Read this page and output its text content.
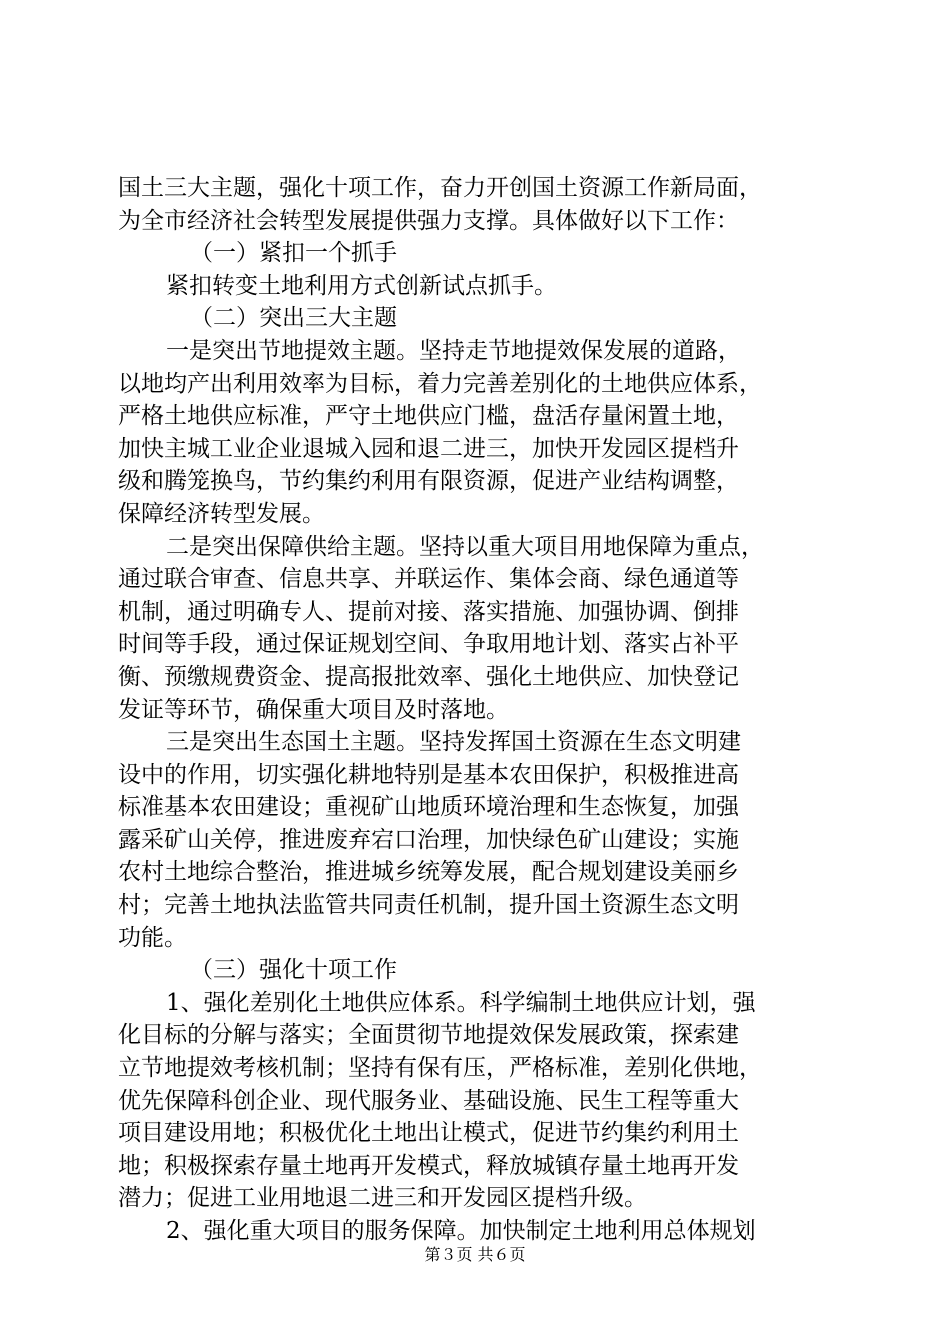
国土三大主题，强化十项工作，奋力开创国土资源工作新局面，
为全市经济社会转型发展提供强力支撑。具体做好以下工作：
（一）紧扣一个抓手
紧扣转变土地利用方式创新试点抓手。
（二）突出三大主题
一是突出节地提效主题。坚持走节地提效保发展的道路，
以地均产出利用效率为目标，着力完善差别化的土地供应体系，
严格土地供应标准，严守土地供应门槛，盘活存量闲置土地，
加快主城工业企业退城入园和退二进三，加快开发园区提档升
级和腾笼换鸟，节约集约利用有限资源，促进产业结构调整，
保障经济转型发展。
二是突出保障供给主题。坚持以重大项目用地保障为重点，
通过联合审查、信息共享、并联运作、集体会商、绿色通道等
机制，通过明确专人、提前对接、落实措施、加强协调、倒排
时间等手段，通过保证规划空间、争取用地计划、落实占补平
衡、预缴规费资金、提高报批效率、强化土地供应、加快登记
发证等环节，确保重大项目及时落地。
三是突出生态国土主题。坚持发挥国土资源在生态文明建
设中的作用，切实强化耕地特别是基本农田保护，积极推进高
标准基本农田建设；重视矿山地质环境治理和生态恢复，加强
露采矿山关停，推进废弃宕口治理，加快绿色矿山建设；实施
农村土地综合整治，推进城乡统筹发展，配合规划建设美丽乡
村；完善土地执法监管共同责任机制，提升国土资源生态文明
功能。
（三）强化十项工作
1、强化差别化土地供应体系。科学编制土地供应计划，强
化目标的分解与落实；全面贯彻节地提效保发展政策，探索建
立节地提效考核机制；坚持有保有压，严格标准，差别化供地，
优先保障科创企业、现代服务业、基础设施、民生工程等重大
项目建设用地；积极优化土地出让模式，促进节约集约利用土
地；积极探索存量土地再开发模式，释放城镇存量土地再开发
潜力；促进工业用地退二进三和开发园区提档升级。
2、强化重大项目的服务保障。加快制定土地利用总体规划
第３页 共６页
